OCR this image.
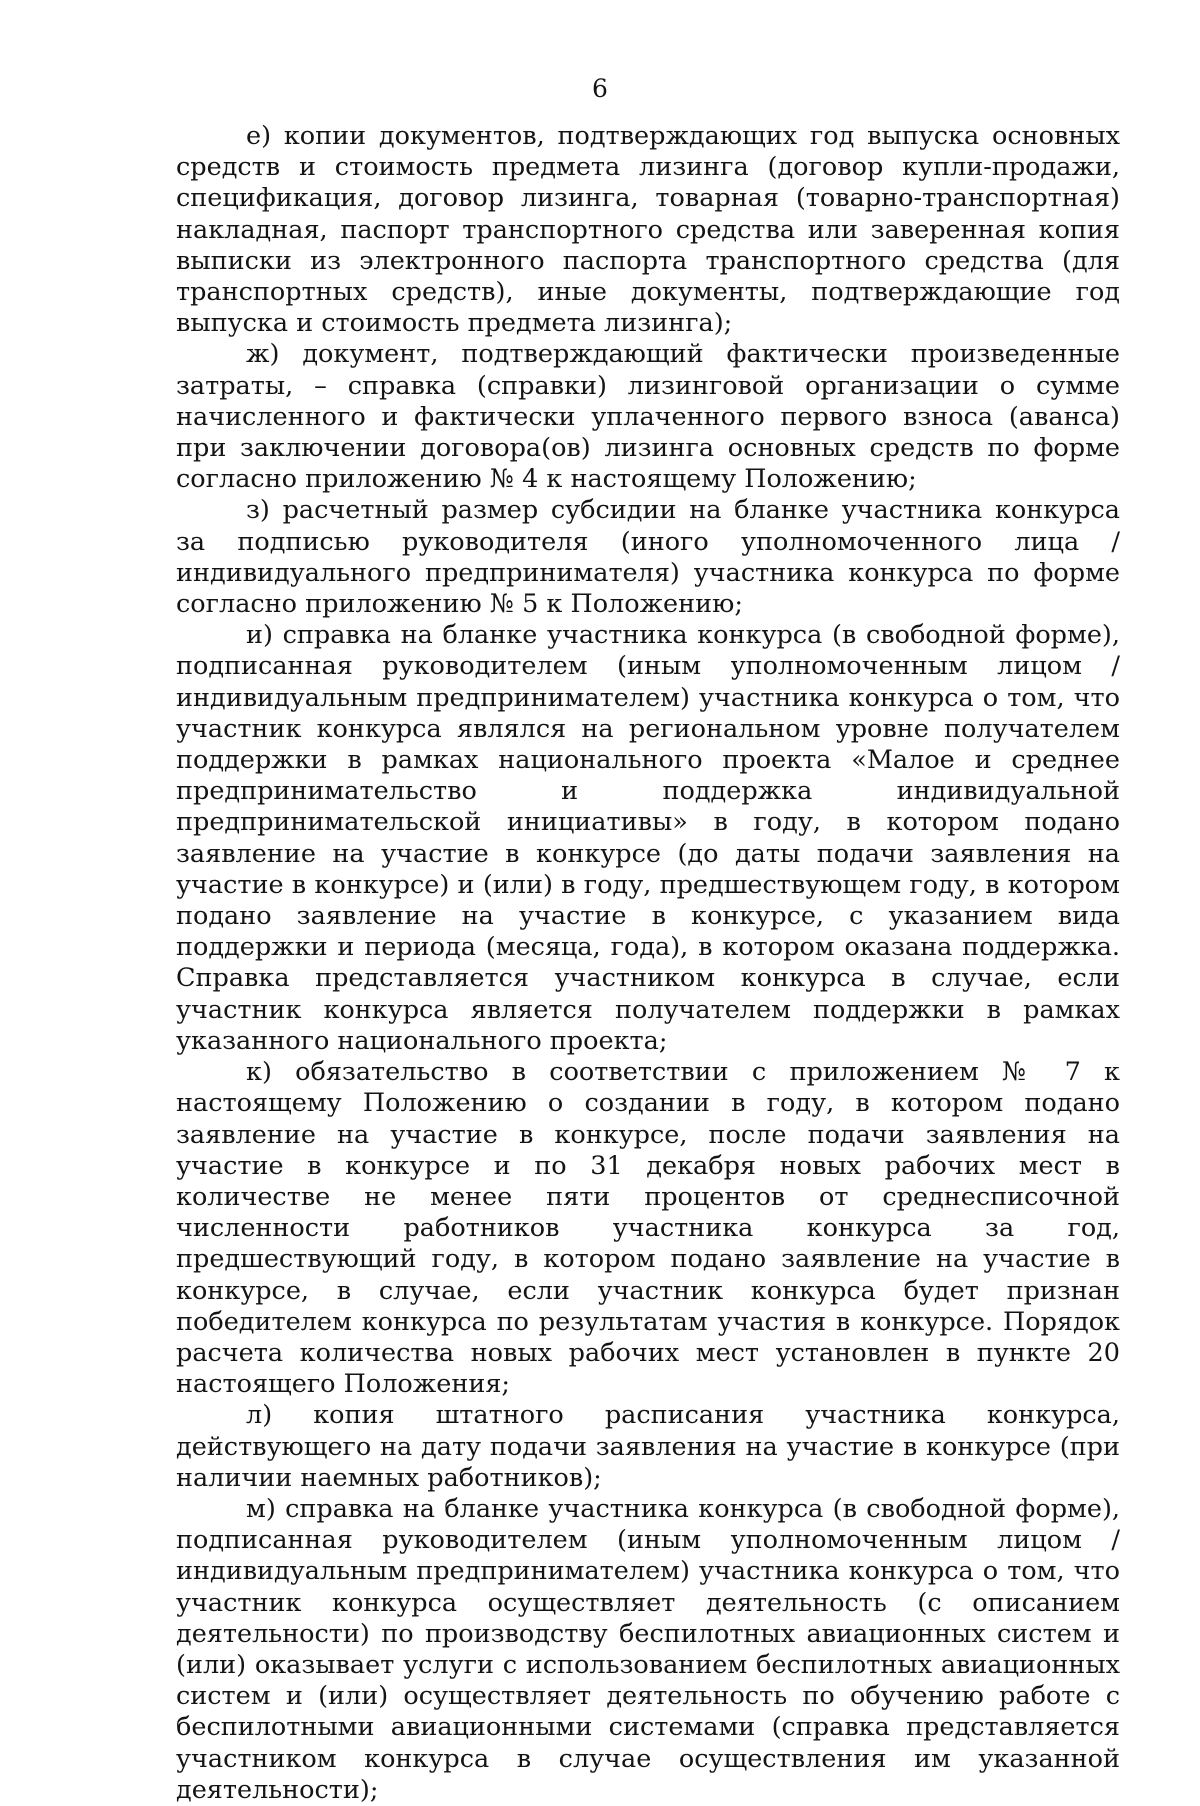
6

е) копии документов, подтверждающих год выпуска основных средств и стоимость предмета лизинга (договор купли-продажи, спецификация, договор лизинга, товарная (товарно-транспортная) накладная, паспорт транспортного средства или заверенная копия выписки из электронного паспорта транспортного средства (для транспортных средств), иные документы, подтверждающие год выпуска и стоимость предмета лизинга);

ж) документ, подтверждающий фактически произведенные затраты, – справка (справки) лизинговой организации о сумме начисленного и фактически уплаченного первого взноса (аванса) при заключении договора(ов) лизинга основных средств по форме согласно приложению № 4 к настоящему Положению;

з) расчетный размер субсидии на бланке участника конкурса за подписью руководителя (иного уполномоченного лица / индивидуального предпринимателя) участника конкурса по форме согласно приложению № 5 к Положению;

и) справка на бланке участника конкурса (в свободной форме), подписанная руководителем (иным уполномоченным лицом / индивидуальным предпринимателем) участника конкурса о том, что участник конкурса являлся на региональном уровне получателем поддержки в рамках национального проекта «Малое и среднее предпринимательство и поддержка индивидуальной предпринимательской инициативы» в году, в котором подано заявление на участие в конкурсе (до даты подачи заявления на участие в конкурсе) и (или) в году, предшествующем году, в котором подано заявление на участие в конкурсе, с указанием вида поддержки и периода (месяца, года), в котором оказана поддержка. Справка представляется участником конкурса в случае, если участник конкурса является получателем поддержки в рамках указанного национального проекта;

к) обязательство в соответствии с приложением № 7 к настоящему Положению о создании в году, в котором подано заявление на участие в конкурсе, после подачи заявления на участие в конкурсе и по 31 декабря новых рабочих мест в количестве не менее пяти процентов от среднесписочной численности работников участника конкурса за год, предшествующий году, в котором подано заявление на участие в конкурсе, в случае, если участник конкурса будет признан победителем конкурса по результатам участия в конкурсе. Порядок расчета количества новых рабочих мест установлен в пункте 20 настоящего Положения;

л) копия штатного расписания участника конкурса, действующего на дату подачи заявления на участие в конкурсе (при наличии наемных работников);

м) справка на бланке участника конкурса (в свободной форме), подписанная руководителем (иным уполномоченным лицом / индивидуальным предпринимателем) участника конкурса о том, что участник конкурса осуществляет деятельность (с описанием деятельности) по производству беспилотных авиационных систем и (или) оказывает услуги с использованием беспилотных авиационных систем и (или) осуществляет деятельность по обучению работе с беспилотными авиационными системами (справка представляется участником конкурса в случае осуществления им указанной деятельности);
